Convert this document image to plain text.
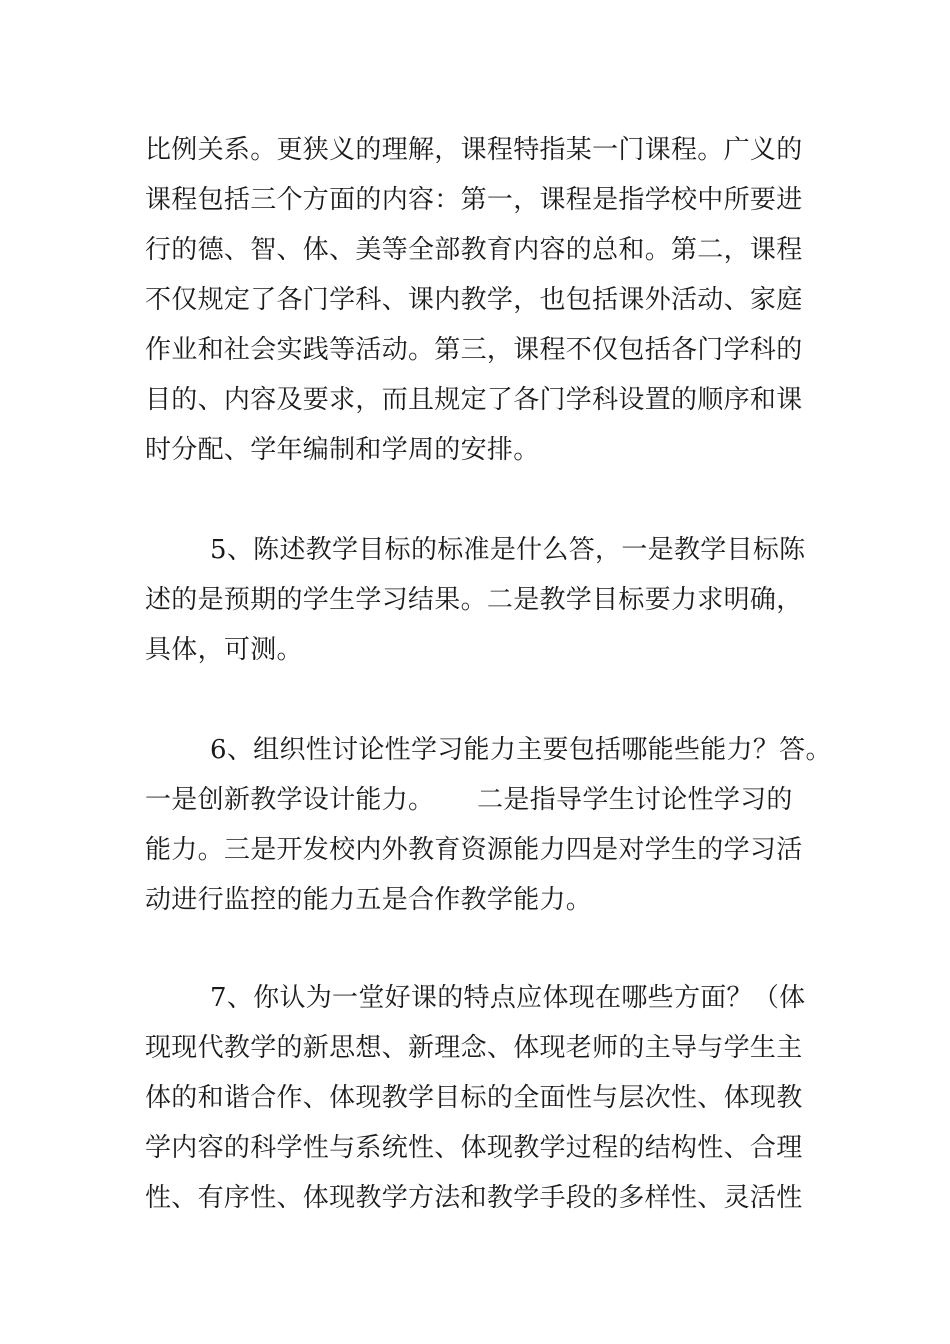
比例关系。更狭义的理解，课程特指某一门课程。广义的
课程包括三个方面的内容：第一，课程是指学校中所要进
行的德、智、体、美等全部教育内容的总和。第二，课程
不仅规定了各门学科、课内教学，也包括课外活动、家庭
作业和社会实践等活动。第三，课程不仅包括各门学科的
目的、内容及要求，而且规定了各门学科设置的顺序和课
时分配、学年编制和学周的安排。
5、陈述教学目标的标准是什么答，一是教学目标陈
述的是预期的学生学习结果。二是教学目标要力求明确，
具体，可测。
6、组织性讨论性学习能力主要包括哪能些能力？答。
一是创新教学设计能力。     二是指导学生讨论性学习的
能力。三是开发校内外教育资源能力四是对学生的学习活
动进行监控的能力五是合作教学能力。
7、你认为一堂好课的特点应体现在哪些方面？（体
现现代教学的新思想、新理念、体现老师的主导与学生主
体的和谐合作、体现教学目标的全面性与层次性、体现教
学内容的科学性与系统性、体现教学过程的结构性、合理
性、有序性、体现教学方法和教学手段的多样性、灵活性
